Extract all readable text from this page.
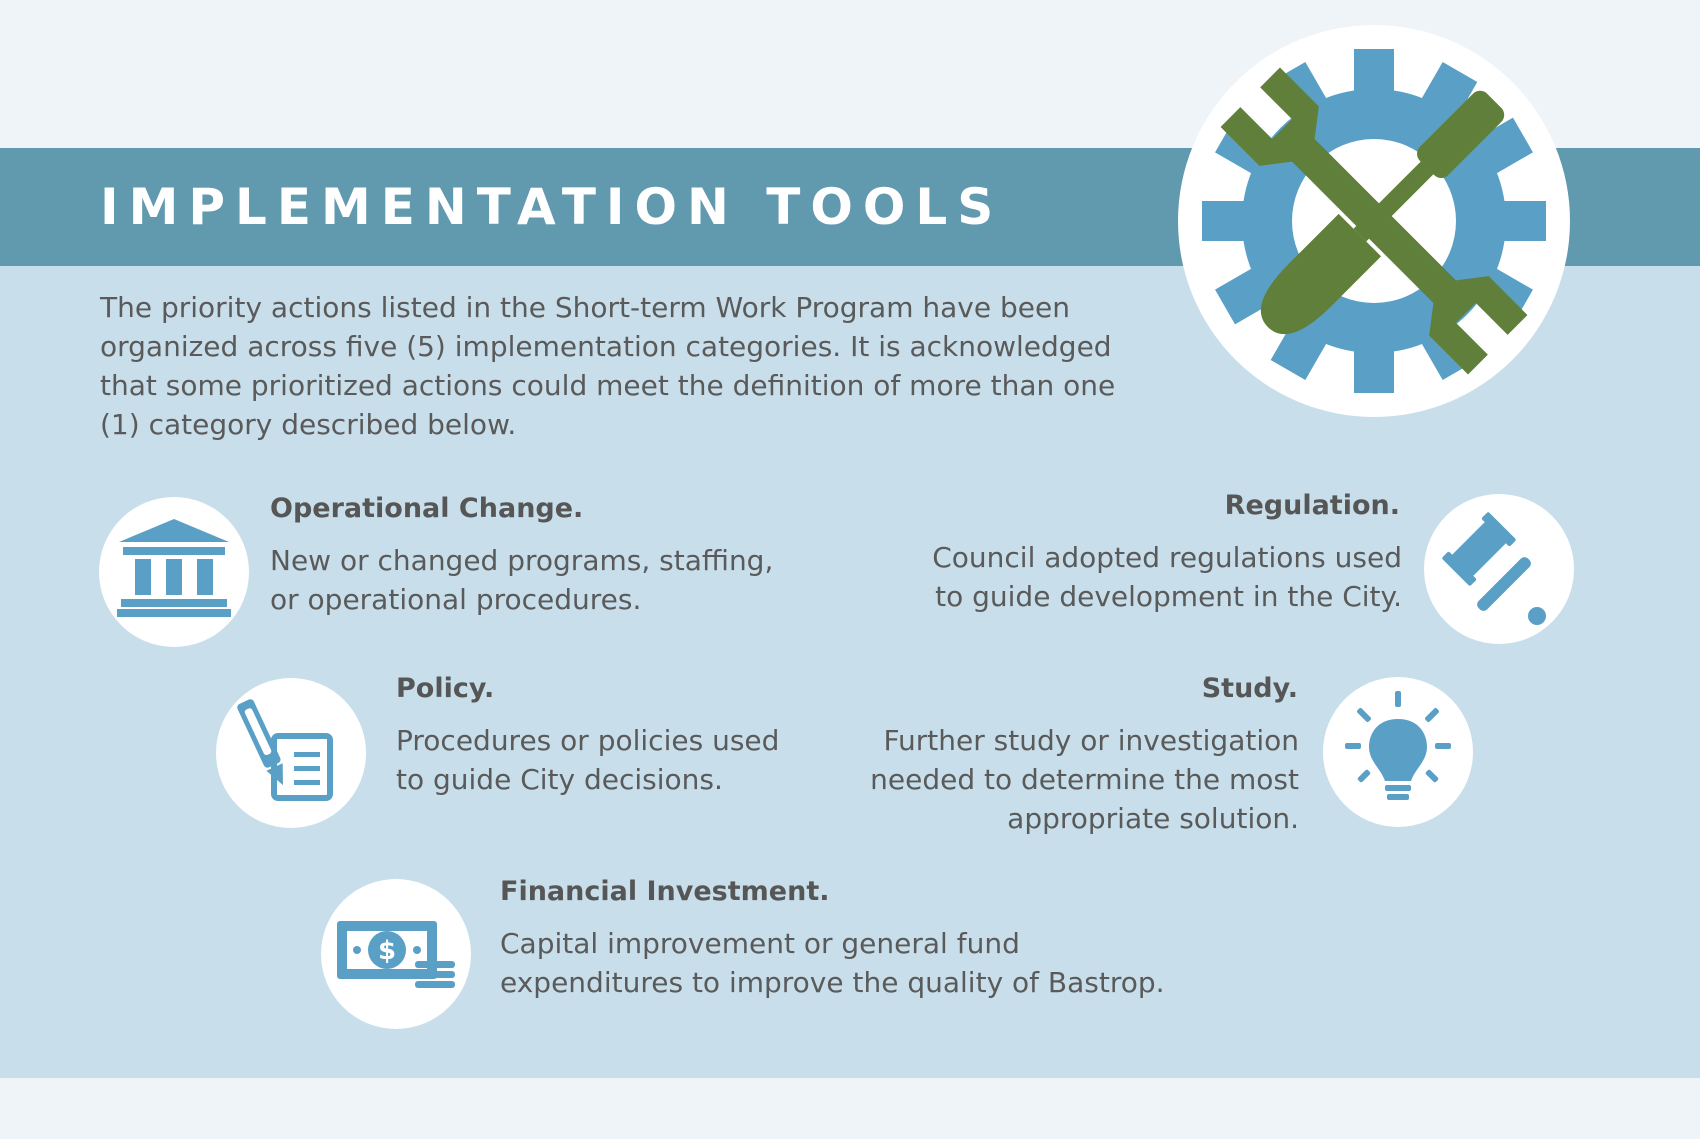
IMPLEMENTATION TOOLS

The priority actions listed in the Short-term Work Program have been

organized across five (5) implementation categories. It is acknowledged

that some prioritized actions could meet the definition of more than one

(1) category described below.

Operational Change.

New or changed programs, staffing,

or operational procedures.

Regulation.

Council adopted regulations used

to guide development in the City.

Policy.

Procedures or policies used

to guide City decisions.

Study.

Further study or investigation

needed to determine the most

appropriate solution.

$
Financial Investment.

Capital improvement or general fund

expenditures to improve the quality of Bastrop.
